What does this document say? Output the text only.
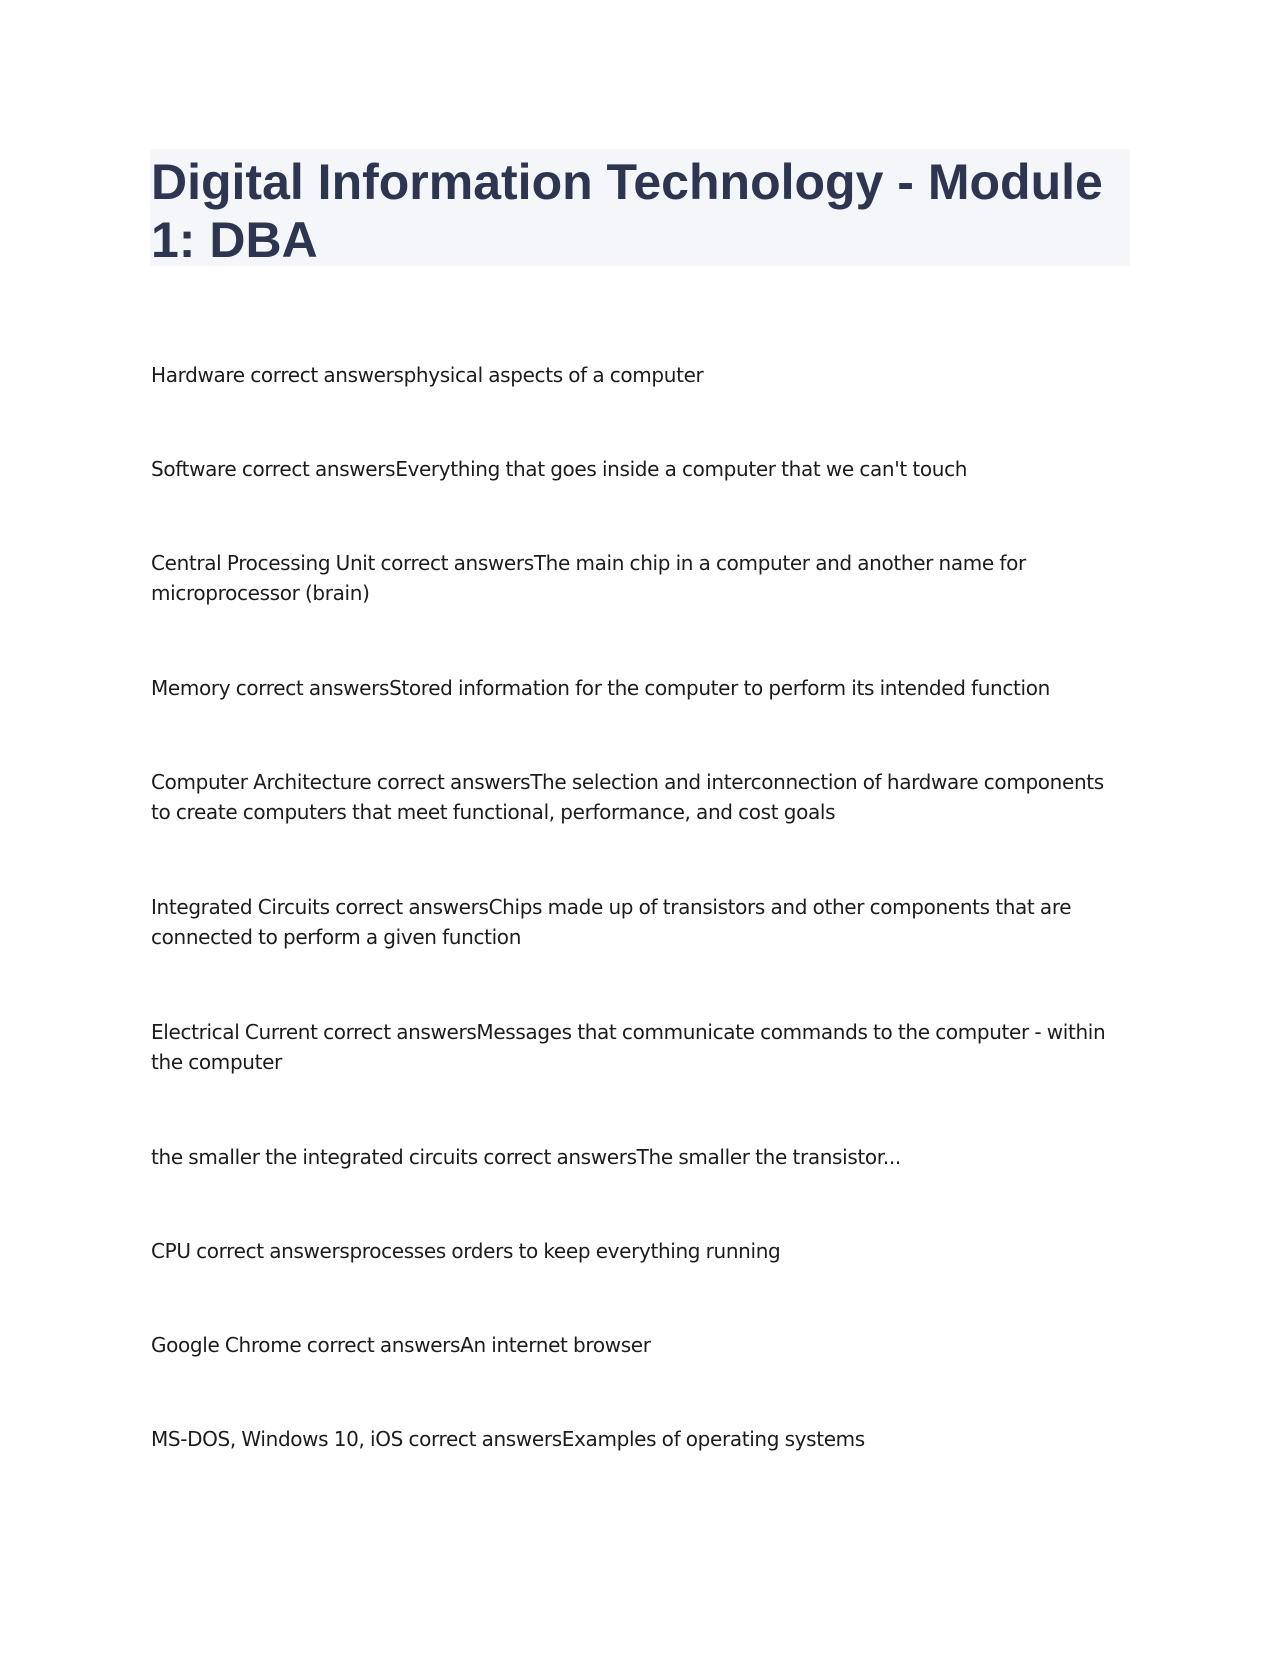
Digital Information Technology - Module 1: DBA
Hardware correct answersphysical aspects of a computer
Software correct answersEverything that goes inside a computer that we can't touch
Central Processing Unit correct answersThe main chip in a computer and another name for microprocessor (brain)
Memory correct answersStored information for the computer to perform its intended function
Computer Architecture correct answersThe selection and interconnection of hardware components to create computers that meet functional, performance, and cost goals
Integrated Circuits correct answersChips made up of transistors and other components that are connected to perform a given function
Electrical Current correct answersMessages that communicate commands to the computer - within the computer
the smaller the integrated circuits correct answersThe smaller the transistor...
CPU correct answersprocesses orders to keep everything running
Google Chrome correct answersAn internet browser
MS-DOS, Windows 10, iOS correct answersExamples of operating systems
